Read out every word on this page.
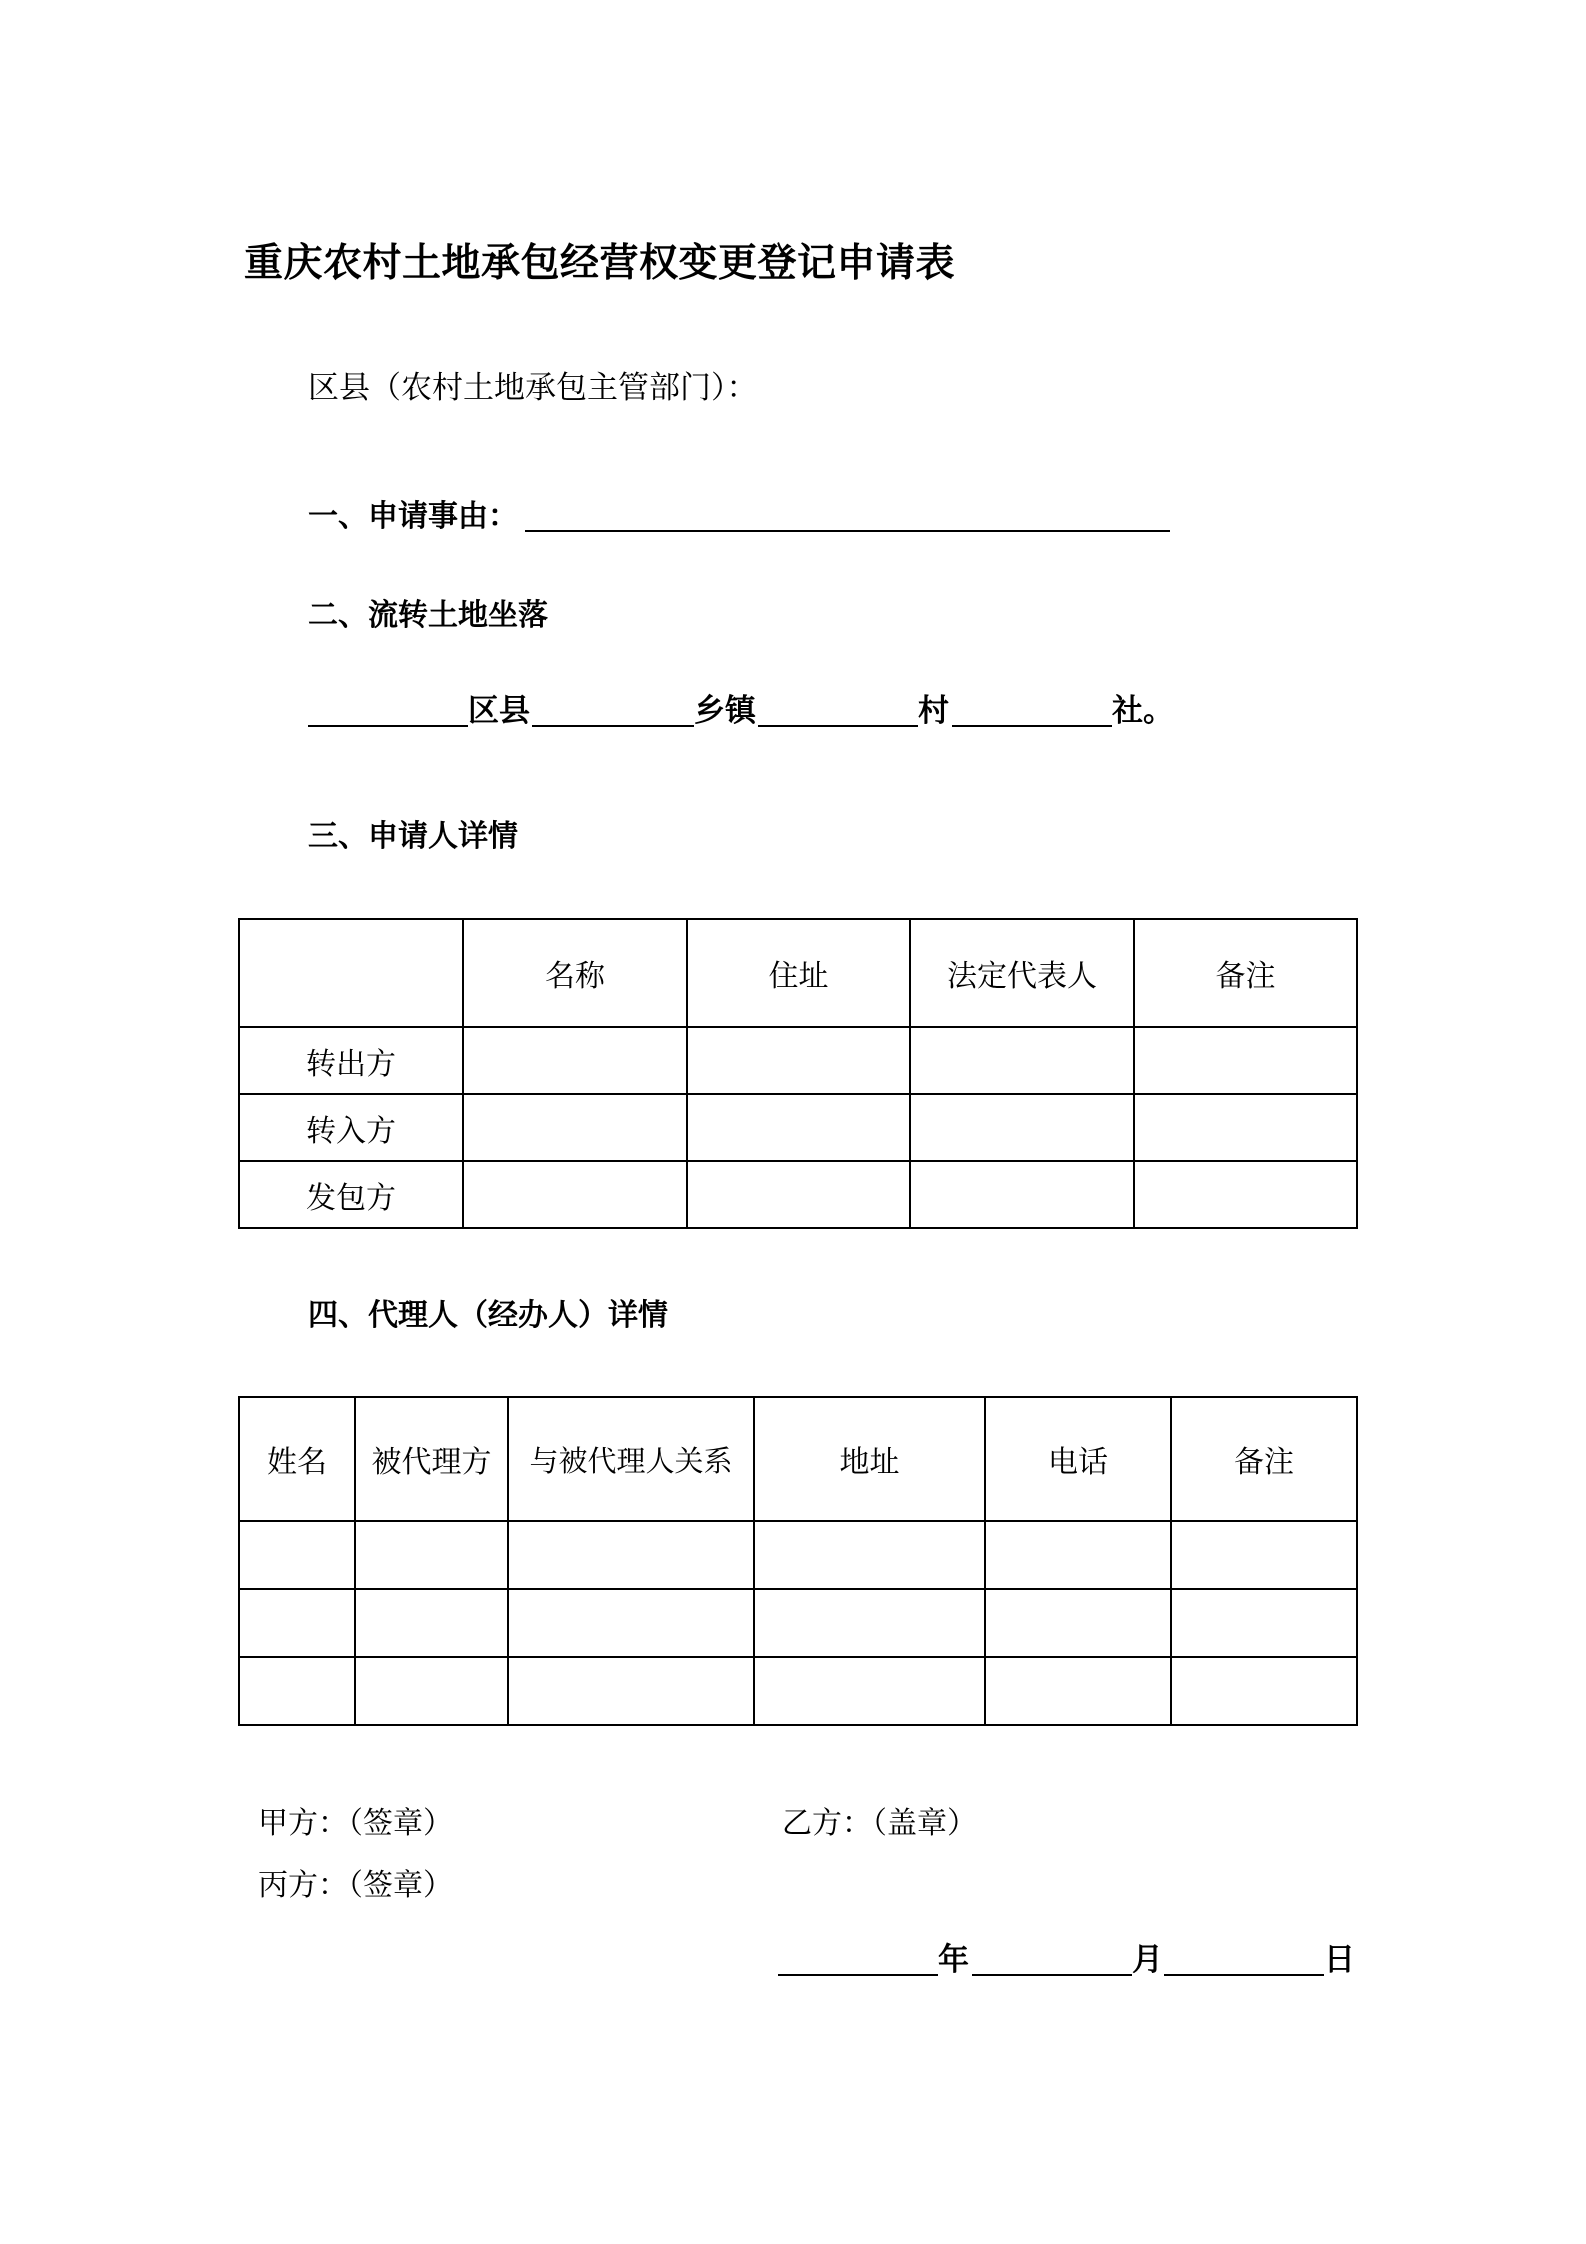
重庆农村土地承包经营权变更登记申请表
区县（农村土地承包主管部门）：
一、申请事由：
二、流转土地坐落
区县	乡镇	村	社。
三、申请人详情
	名称	住址	法定代表人	备注
转出方				
转入方				
发包方				
四、代理人（经办人）详情
姓名	被代理方	与被代理人关系	地址	电话	备注

甲方：（签章）	乙方：（盖章）
丙方：（签章）
年	月	日
